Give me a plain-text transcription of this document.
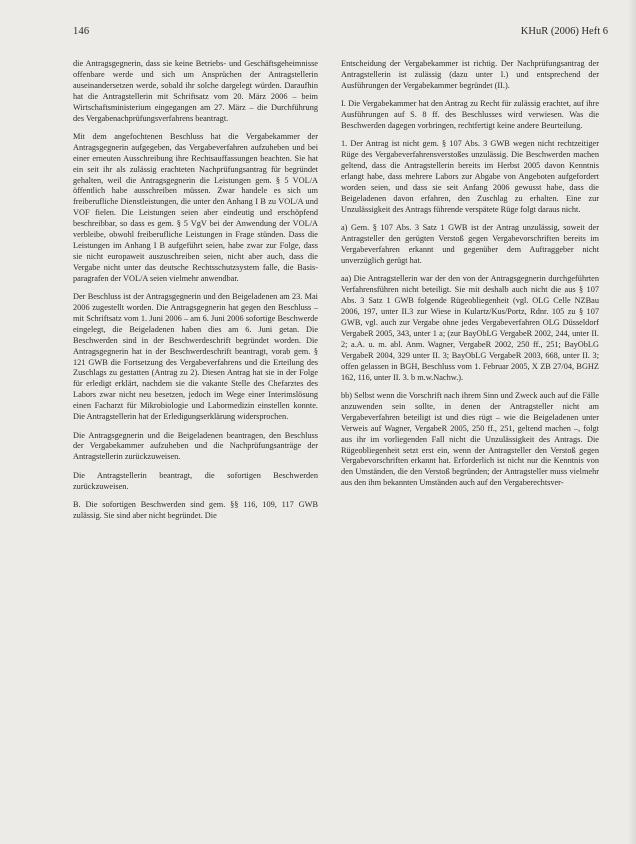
146	KHuR (2006) Heft 6

die Antragsgegnerin, dass sie keine Betriebs- und Geschäftsgeheimnisse offenbare werde und sich um Ansprüchen der Antragstellerin auseinandersetzen werde, sobald ihr solche dargelegt würden. Daraufhin hat die Antragstellerin mit Schriftsatz vom 20. März 2006 – beim Wirtschaftsministerium eingegangen am 27. März – die Durchführung des Vergabenachprüfungsverfahrens beantragt.

Mit dem angefochtenen Beschluss hat die Vergabekammer der Antragsgegnerin aufgegeben, das Vergabeverfahren aufzuheben und bei einer erneuten Ausschreibung ihre Rechtsauffassungen beachten. Sie hat ein seit ihr als zulässig erachteten Nachprüfungsantrag für begründet gehalten, weil die Antragsgegnerin die Leistungen gem. § 5 VOL/A öffentlich habe ausschreiben müssen. Zwar handele es sich um freiberufliche Dienstleistungen, die unter den Anhang I B zu VOL/A und VOF fielen. Die Leistungen seien aber eindeutig und erschöpfend beschreibbar, so dass es gem. § 5 VgV bei der Anwendung der VOL/A verbleibe, obwohl freiberufliche Leistungen in Frage stünden. Dass die Leistungen im Anhang I B aufgeführt seien, habe zwar zur Folge, dass sie nicht europaweit auszuschreiben seien, nicht aber auch, dass die Vergabe nicht unter das deutsche Rechtsschutzsystem falle, die Basis-paragrafen der VOL/A seien vielmehr anwendbar.

Der Beschluss ist der Antragsgegnerin und den Beigeladenen am 23. Mai 2006 zugestellt worden. Die Antragsgegnerin hat gegen den Beschluss – mit Schriftsatz vom 1. Juni 2006 – am 6. Juni 2006 sofortige Beschwerde eingelegt, die Beigeladenen haben dies am 6. Juni getan. Die Beschwerden sind in der Beschwerdeschrift begründet worden. Die Antragsgegnerin hat in der Beschwerdeschrift beantragt, vorab gem. § 121 GWB die Fortsetzung des Vergabeverfahrens und die Erteilung des Zuschlags zu gestatten (Antrag zu 2). Diesen Antrag hat sie in der Folge für erledigt erklärt, nachdem sie die vakante Stelle des Chefarztes des Labors zwar nicht neu besetzen, jedoch im Wege einer Interimslösung einen Facharzt für Mikrobiologie und Labormedizin einstellen konnte. Die Antragstellerin hat der Erledigungserklärung widersprochen.

Die Antragsgegnerin und die Beigeladenen beantragen, den Beschluss der Vergabekammer aufzuheben und die Nachprüfungsanträge der Antragstellerin zurückzuweisen.

Die Antragstellerin beantragt, die sofortigen Beschwerden zurückzuweisen.

B. Die sofortigen Beschwerden sind gem. §§ 116, 109, 117 GWB zulässig. Sie sind aber nicht begründet. Die

Entscheidung der Vergabekammer ist richtig. Der Nachprüfungsantrag der Antragstellerin ist zulässig (dazu unter I.) und entsprechend der Ausführungen der Vergabekammer begründet (II.).

I. Die Vergabekammer hat den Antrag zu Recht für zulässig erachtet, auf ihre Ausführungen auf S. 8 ff. des Beschlusses wird verwiesen. Was die Beschwerden dagegen vorbringen, rechtfertigt keine andere Beurteilung.

1. Der Antrag ist nicht gem. § 107 Abs. 3 GWB wegen nicht rechtzeitiger Rüge des Vergabeverfahrensverstoßes unzulässig. Die Beschwerden machen geltend, dass die Antragstellerin bereits im Herbst 2005 davon Kenntnis erlangt habe, dass mehrere Labors zur Abgabe von Angeboten aufgefordert worden seien, und dass sie seit Anfang 2006 gewusst habe, dass die Beigeladenen davon erfahren, den Zuschlag zu erhalten. Eine zur Unzulässigkeit des Antrags führende verspätete Rüge folgt daraus nicht.

a) Gem. § 107 Abs. 3 Satz 1 GWB ist der Antrag unzulässig, soweit der Antragsteller den gerügten Verstoß gegen Vergabevorschriften bereits im Vergabeverfahren erkannt und gegenüber dem Auftraggeber nicht unverzüglich gerügt hat.

aa) Die Antragstellerin war der den von der Antragsgegnerin durchgeführten Verfahrensführen nicht beteiligt. Sie mit deshalb auch nicht die aus § 107 Abs. 3 Satz 1 GWB folgende Rügeobliegenheit (vgl. OLG Celle NZBau 2006, 197, unter II.3 zur Wiese in Kulartz/Kus/Portz, Rdnr. 105 zu § 107 GWB, vgl. auch zur Vergabe ohne jedes Vergabeverfahren OLG Düsseldorf VergabeR 2005, 343, unter 1 a; (zur BayObLG VergabeR 2002, 244, unter II. 2; a.A. u. m. abl. Anm. Wagner, VergabeR 2002, 250 ff., 251; BayObLG VergabeR 2004, 329 unter II. 3; BayObLG VergabeR 2003, 668, unter II. 3; offen gelassen in BGH, Beschluss vom 1. Februar 2005, X ZB 27/04, BGHZ 162, 116, unter II. 3. b m.w.Nachw.).

bb) Selbst wenn die Vorschrift nach ihrem Sinn und Zweck auch auf die Fälle anzuwenden sein sollte, in denen der Antragsteller nicht am Vergabeverfahren beteiligt ist und dies rügt – wie die Beigeladenen unter Verweis auf Wagner, VergabeR 2005, 250 ff., 251, geltend machen –, folgt aus ihr im vorliegenden Fall nicht die Unzulässigkeit des Antrags. Die Rügeobliegenheit setzt erst ein, wenn der Antragsteller den Verstoß gegen Vergabevorschriften erkannt hat. Erforderlich ist nicht nur die Kenntnis von den Umständen, die den Verstoß begründen; der Antragsteller muss vielmehr aus den ihm bekannten Umständen auch auf den Vergaberechtsver-
